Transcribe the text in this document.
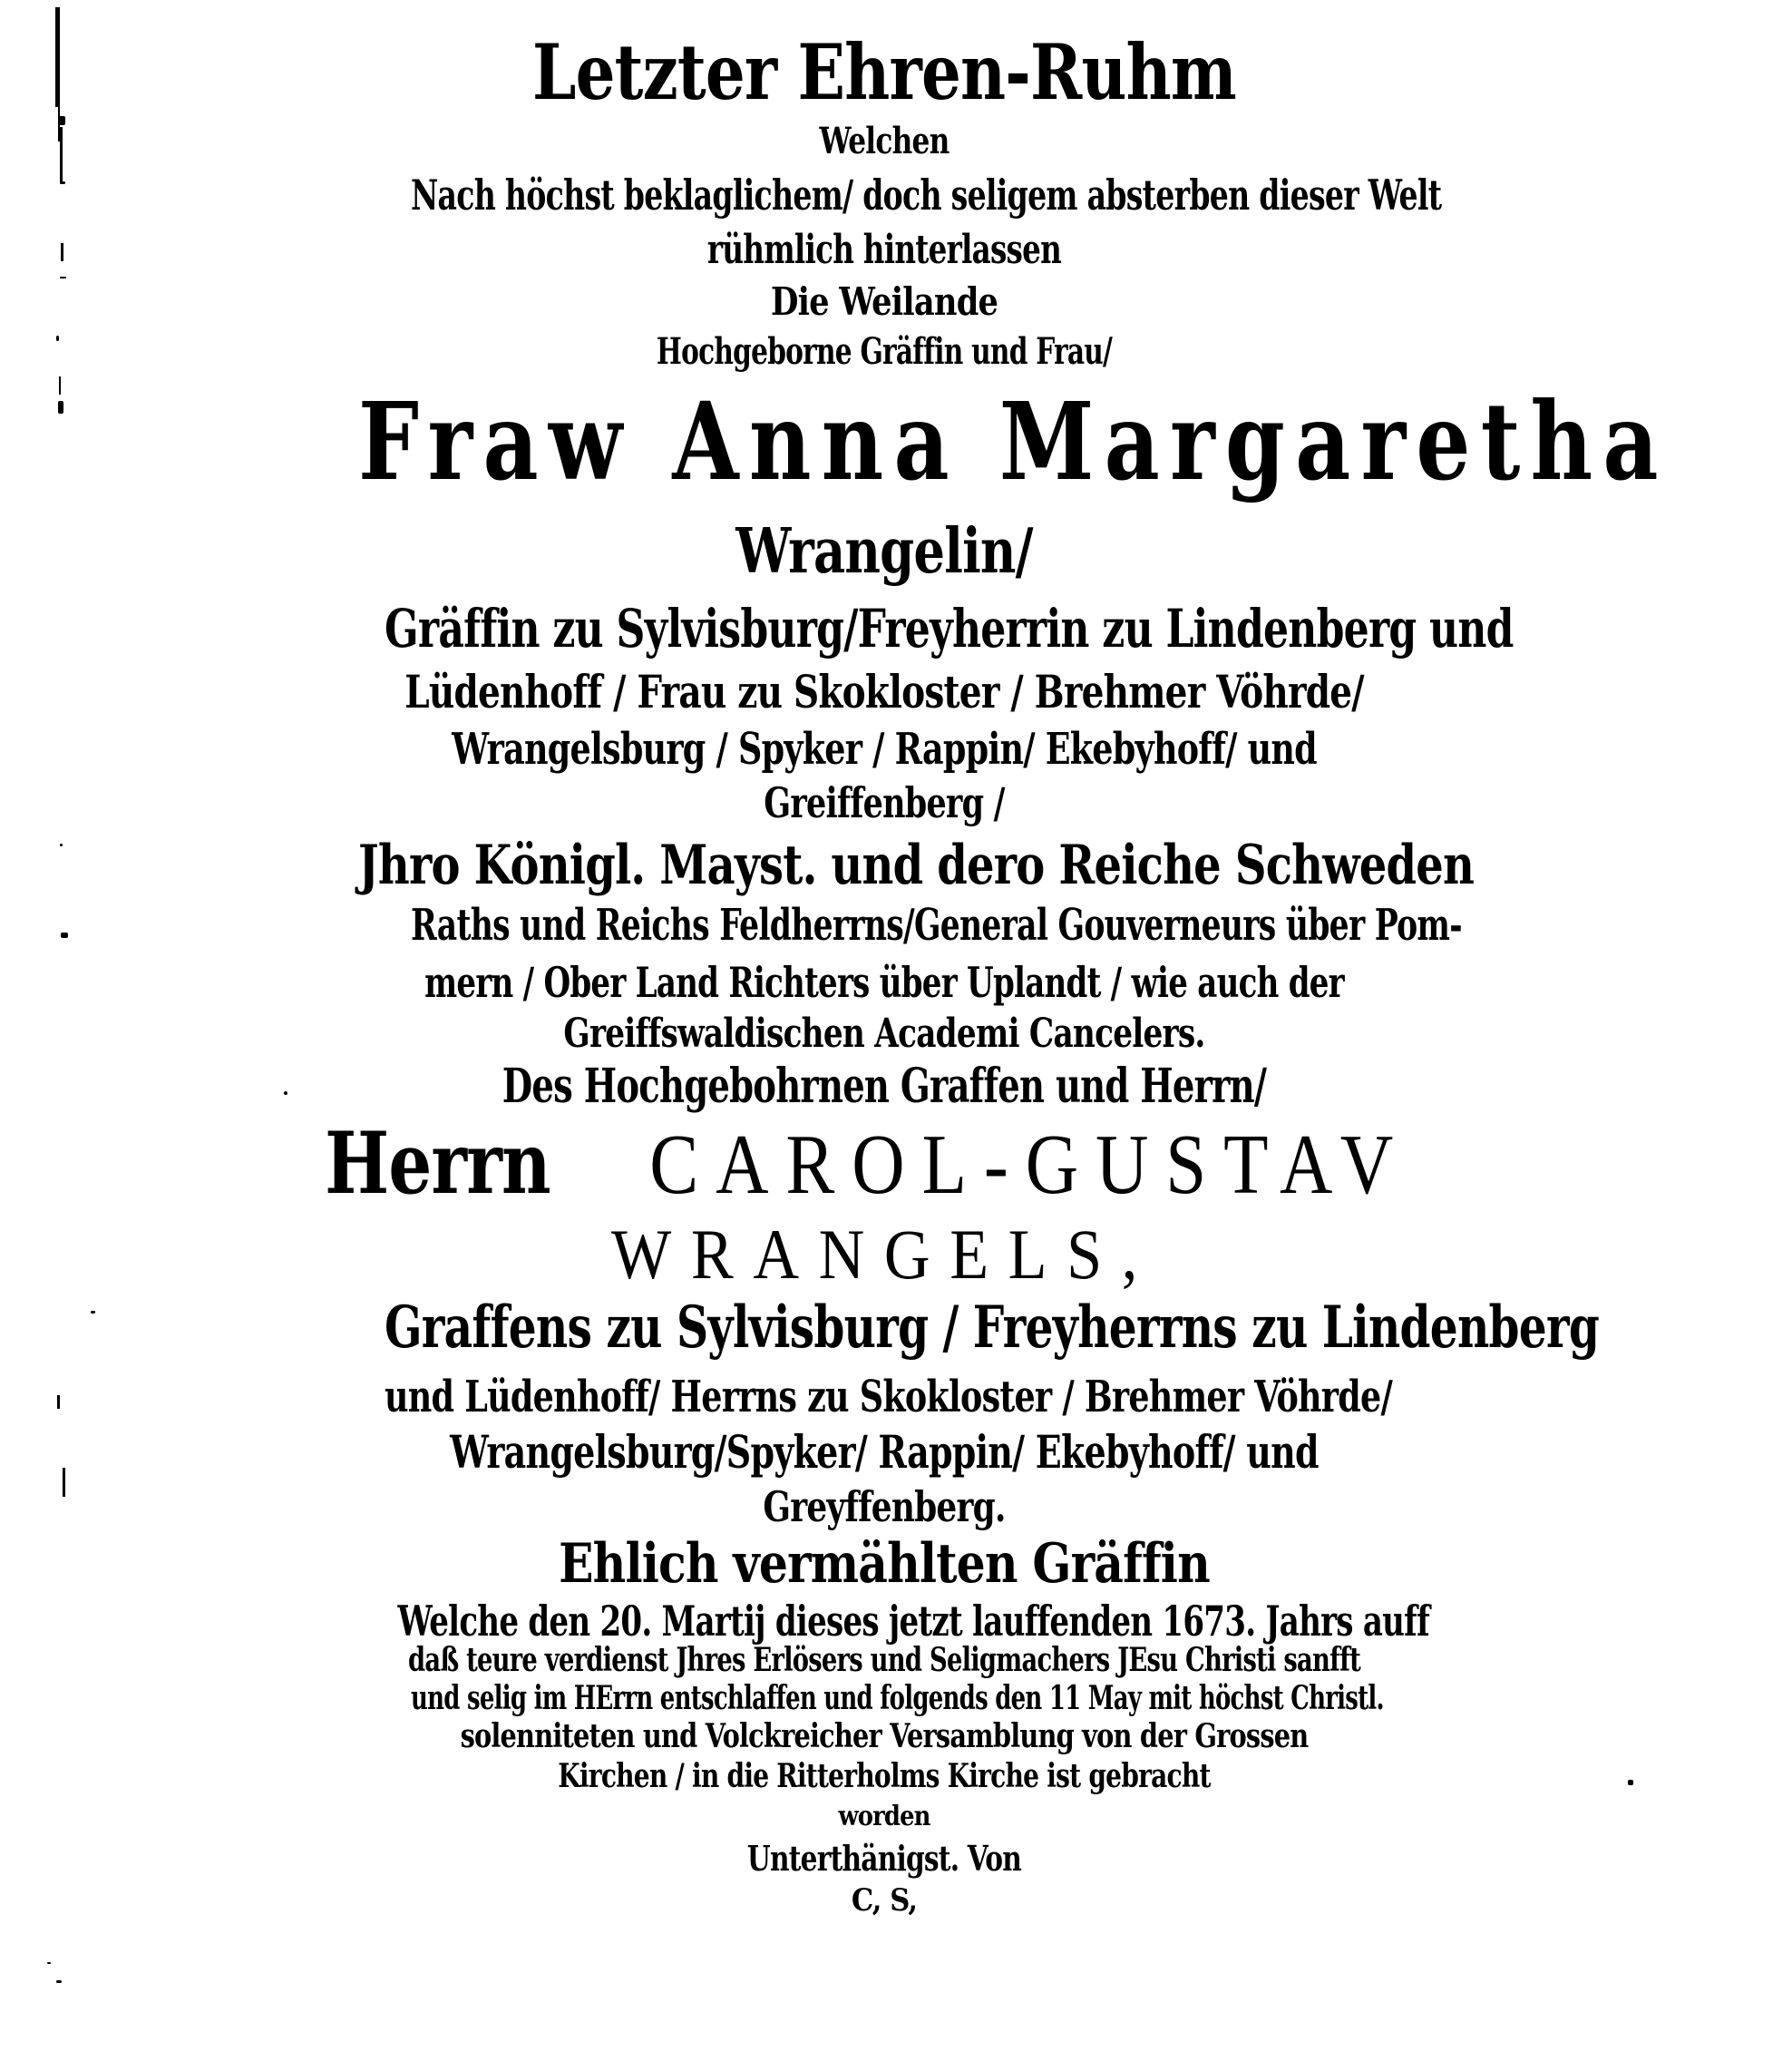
Letzter Ehren-Ruhm
Welchen
Nach höchst beklaglichem/ doch seligem absterben dieser Welt
rühmlich hinterlassen
Die Weilande
Hochgeborne Gräffin und Frau/
Fraw Anna Margaretha
Wrangelin/
Gräffin zu Sylvisburg/Freyherrin zu Lindenberg und
Lüdenhoff / Frau zu Skokloster / Brehmer Vöhrde/
Wrangelsburg / Spyker / Rappin/ Ekebyhoff/ und
Greiffenberg /
Jhro Königl. Mayst. und dero Reiche Schweden
Raths und Reichs Feldherrns/General Gouverneurs über Pom-
mern / Ober Land Richters über Uplandt / wie auch der
Greiffswaldischen Academi Cancelers.
Des Hochgebohrnen Graffen und Herrn/
Herrn CAROL-GUSTAV
WRANGELS,
Graffens zu Sylvisburg / Freyherrns zu Lindenberg
und Lüdenhoff/ Herrns zu Skokloster / Brehmer Vöhrde/
Wrangelsburg/Spyker/ Rappin/ Ekebyhoff/ und
Greyffenberg.
Ehlich vermählten Gräffin
Welche den 20. Martij dieses jetzt lauffenden 1673. Jahrs auff
daß teure verdienst Jhres Erlösers und Seligmachers JEsu Christi sanfft
und selig im HErrn entschlaffen und folgends den 11 May mit höchst Christl.
solenniteten und Volckreicher Versamblung von der Grossen
Kirchen / in die Ritterholms Kirche ist gebracht
worden
Unterthänigst. Von
C, S,
